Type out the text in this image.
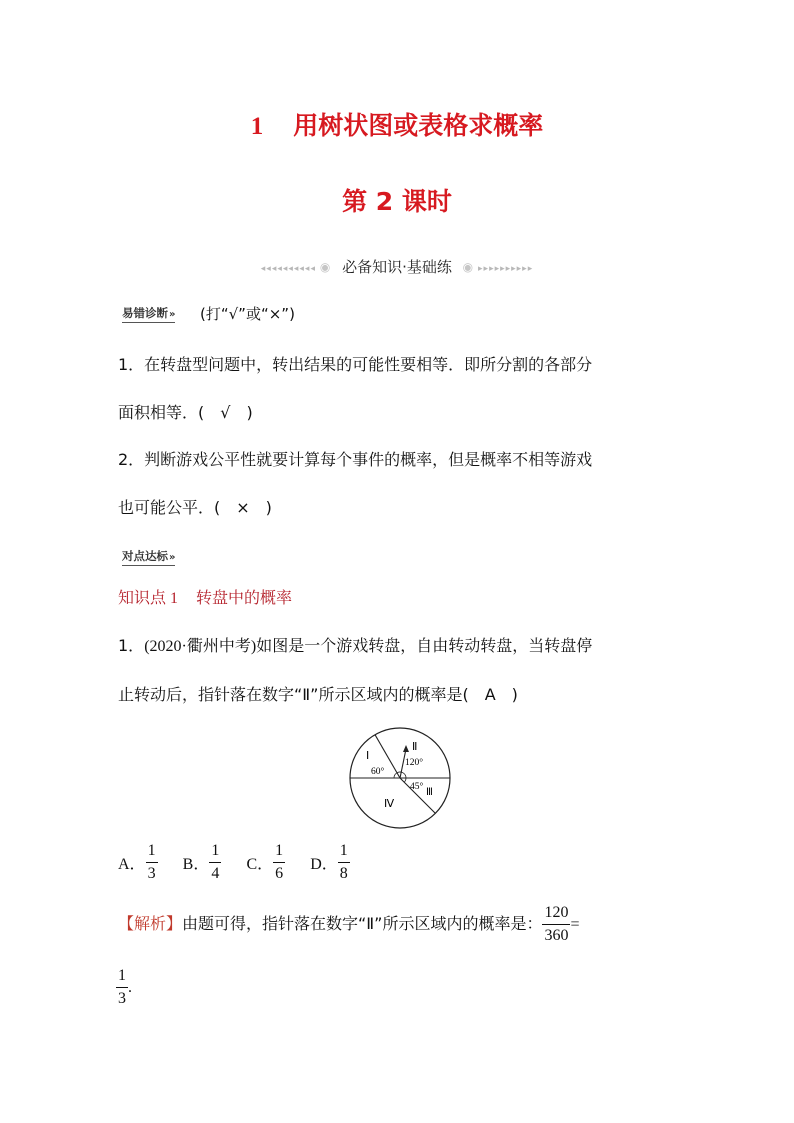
1 用树状图或表格求概率
第 2 课时
◂◂◂◂◂◂◂◂◂◂ ◉ 必备知识·基础练 ◉ ▸▸▸▸▸▸▸▸▸▸
易错诊断» (打“√”或“×”)
1．在转盘型问题中，转出结果的可能性要相等．即所分割的各部分
面积相等．(　√　)
2．判断游戏公平性就要计算每个事件的概率，但是概率不相等游戏
也可能公平．(　×　)
对点达标»
知识点 1 转盘中的概率
1．(2020·衢州中考)如图是一个游戏转盘，自由转动转盘，当转盘停
止转动后，指针落在数字“Ⅱ”所示区域内的概率是(　A　)
Ⅰ
Ⅱ
Ⅲ
Ⅳ
60°
120°
45°
A． $\frac{1}{3}$ B． $\frac{1}{4}$ C． $\frac{1}{6}$ D． $\frac{1}{8}$
【解析】由题可得，指针落在数字“Ⅱ”所示区域内的概率是： $\frac{120}{360}$ =
$\frac{1}{3}$ .
